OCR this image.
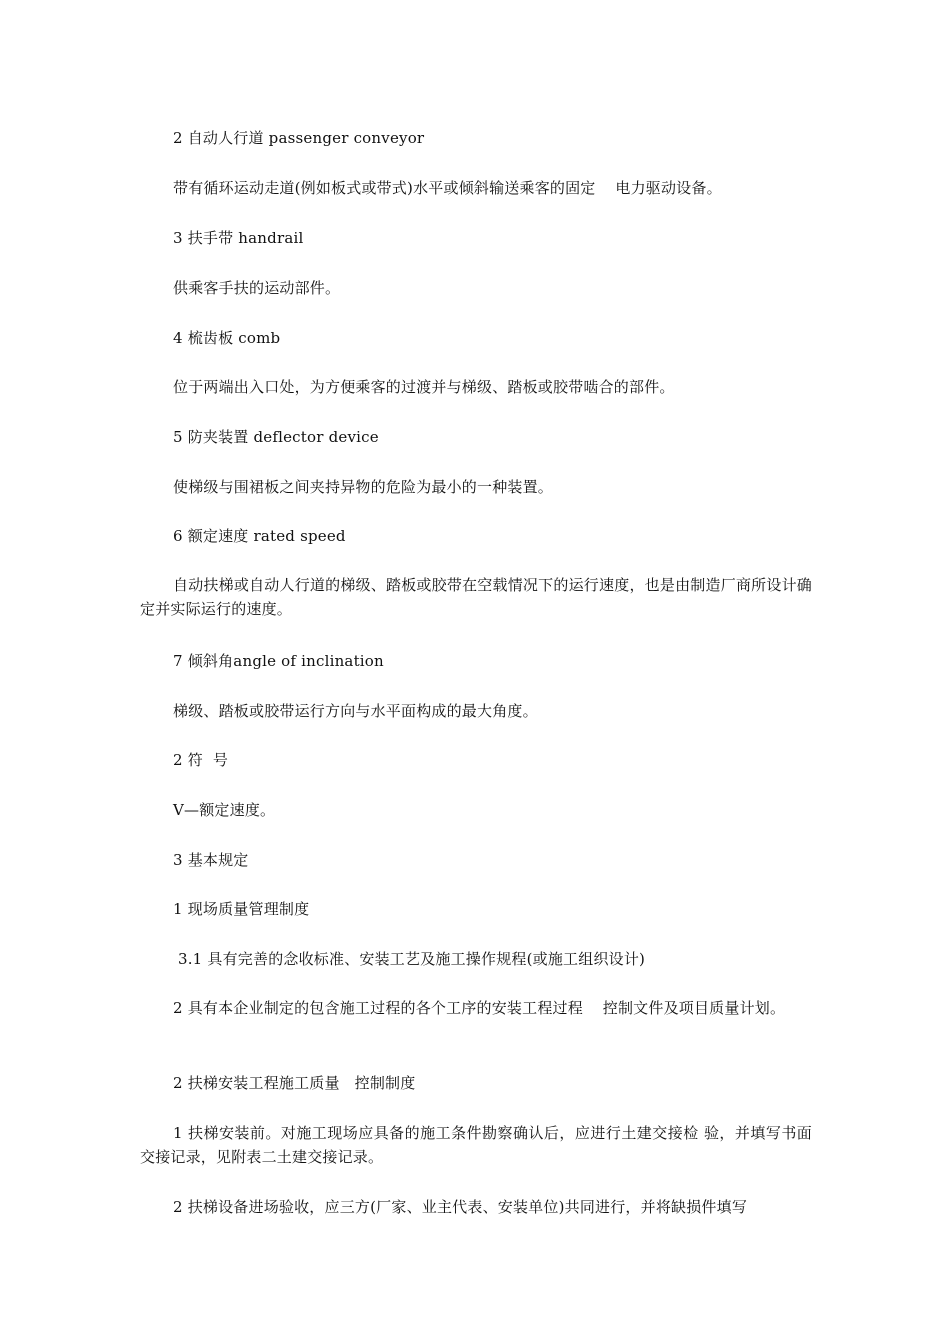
2 自动人行道 passenger conveyor

带有循环运动走道(例如板式或带式)水平或倾斜输送乘客的固定    电力驱动设备。

3 扶手带 handrail

供乘客手扶的运动部件。

4 梳齿板 comb

位于两端出入口处，为方便乘客的过渡并与梯级、踏板或胶带啮合的部件。

5 防夹装置 deflector device

使梯级与围裙板之间夹持异物的危险为最小的一种装置。

6 额定速度 rated speed

自动扶梯或自动人行道的梯级、踏板或胶带在空载情况下的运行速度，也是由制造厂商所设计确定并实际运行的速度。

7 倾斜角angle of inclination

梯级、踏板或胶带运行方向与水平面构成的最大角度。

2 符  号

V—额定速度。

3 基本规定

1 现场质量管理制度

3.1 具有完善的念收标准、安装工艺及施工操作规程(或施工组织设计)

2 具有本企业制定的包含施工过程的各个工序的安装工程过程    控制文件及项目质量计划。

2 扶梯安装工程施工质量   控制制度

1 扶梯安装前。对施工现场应具备的施工条件勘察确认后，应进行土建交接检 验，并填写书面交接记录，见附表二土建交接记录。

2 扶梯设备进场验收，应三方(厂家、业主代表、安装单位)共同进行，并将缺损件填写
